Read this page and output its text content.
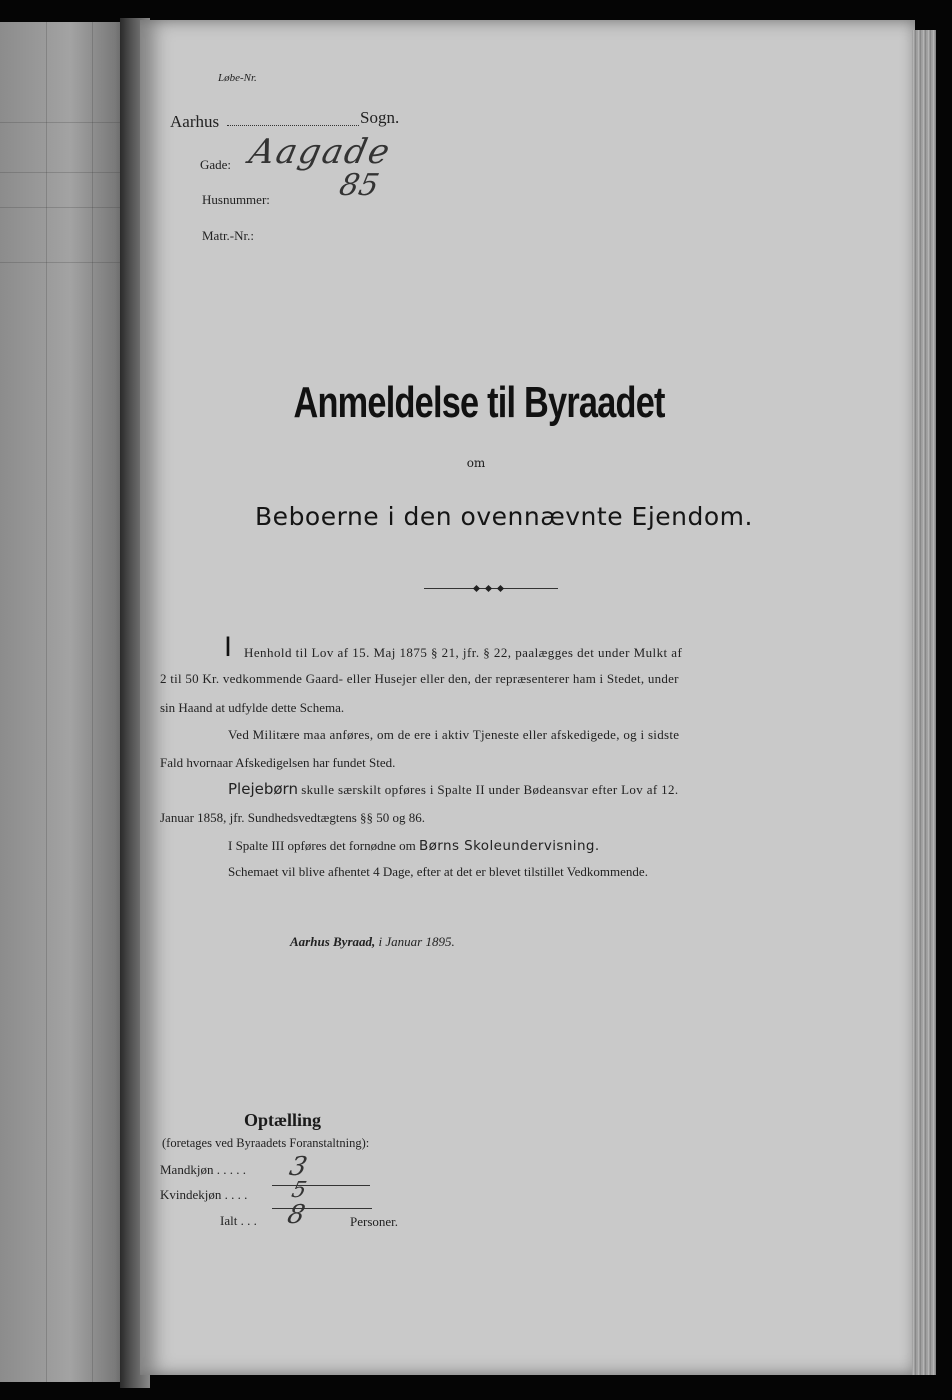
Løbe-Nr.
Aarhus	Sogn.
Gade: Aagade
Husnummer: 85
Matr.-Nr.:
Anmeldelse til Byraadet
om
Beboerne i den ovennævnte Ejendom.
I Henhold til Lov af 15. Maj 1875 § 21, jfr. § 22, paalægges det under Mulkt af
2 til 50 Kr. vedkommende Gaard- eller Husejer eller den, der repræsenterer ham i Stedet, under
sin Haand at udfylde dette Schema.
Ved Militære maa anføres, om de ere i aktiv Tjeneste eller afskedigede, og i sidste
Fald hvornaar Afskedigelsen har fundet Sted.
Plejebørn skulle særskilt opføres i Spalte II under Bødeansvar efter Lov af 12.
Januar 1858, jfr. Sundhedsvedtægtens §§ 50 og 86.
I Spalte III opføres det fornødne om Børns Skoleundervisning.
Schemaet vil blive afhentet 4 Dage, efter at det er blevet tilstillet Vedkommende.
Aarhus Byraad, i Januar 1895.
Optælling
(foretages ved Byraadets Foranstaltning):
Mandkjøn . . . . . 3
Kvindekjøn . . . . 5
Ialt . . . 8	Personer.
